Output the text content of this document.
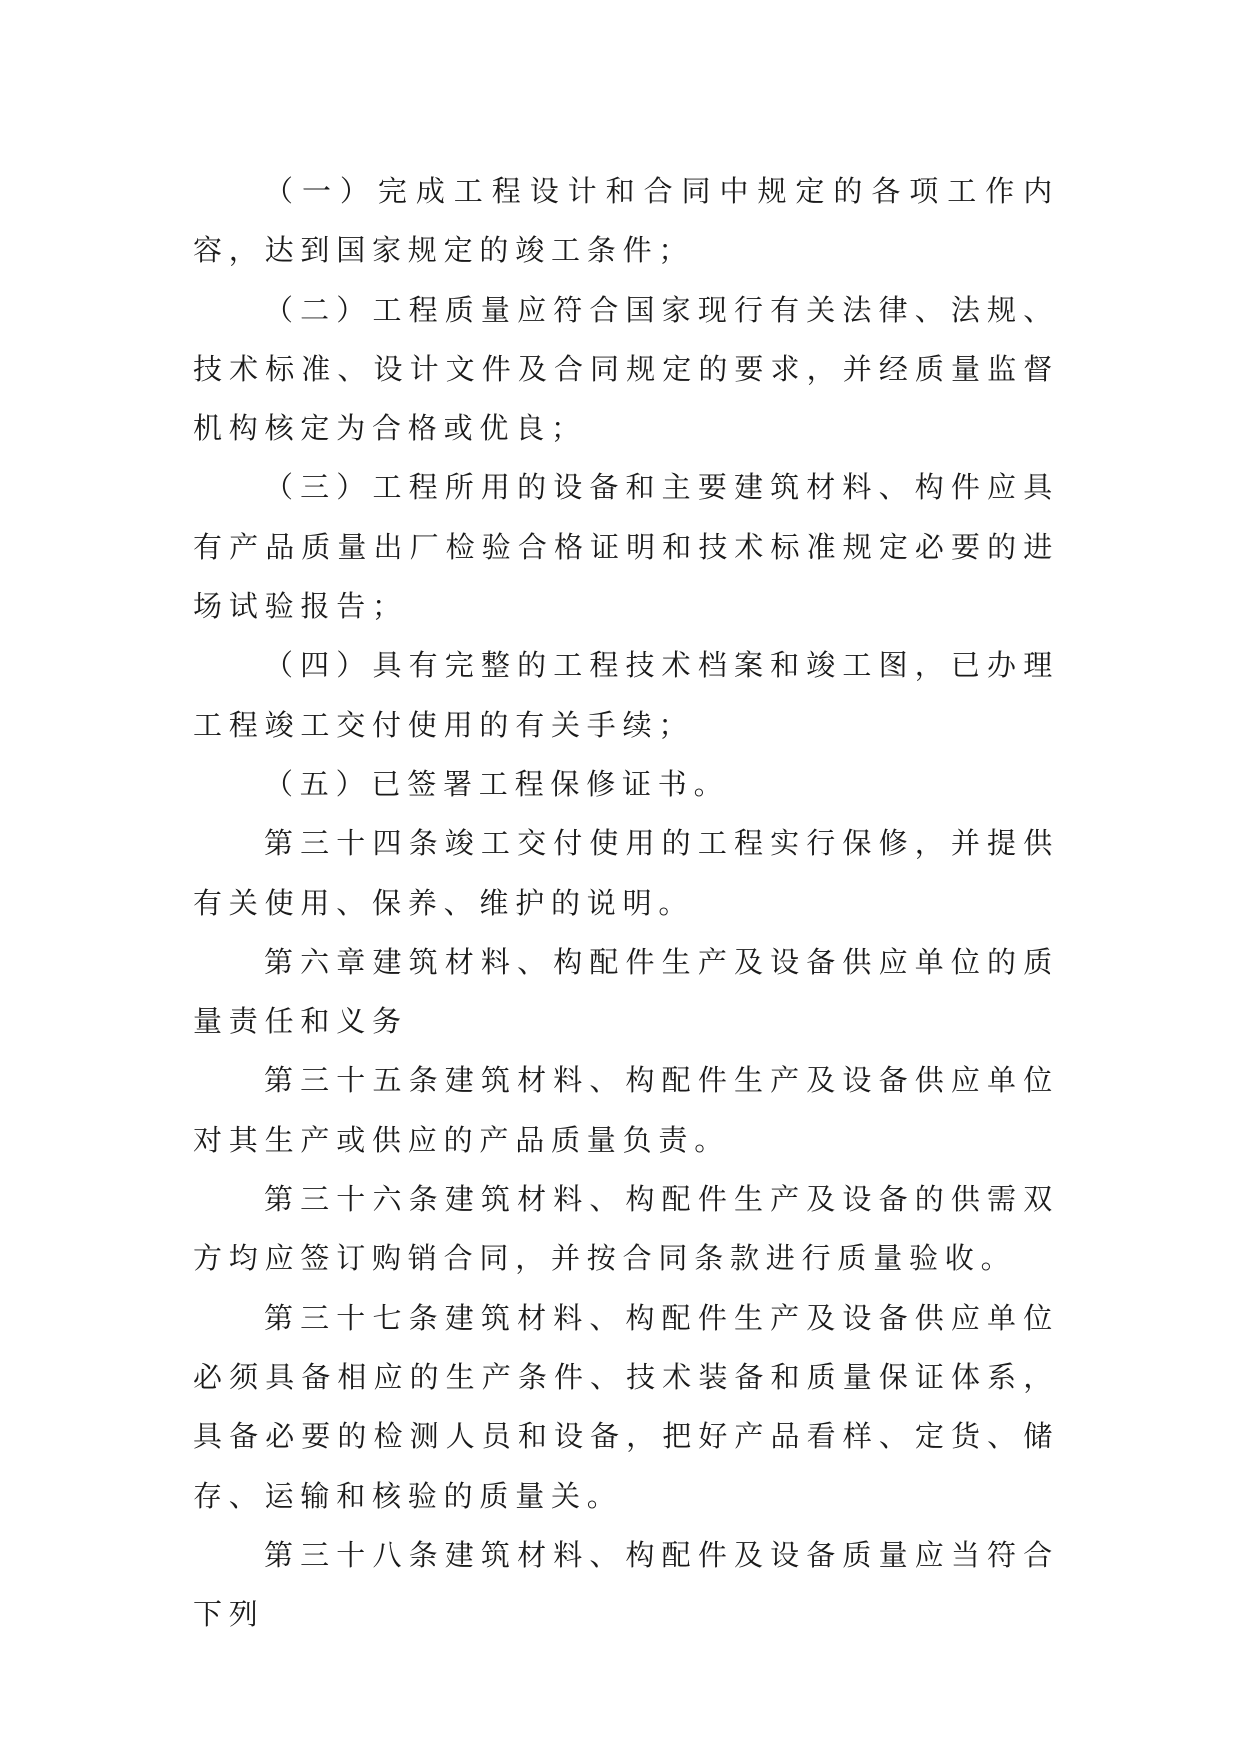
（一）完成工程设计和合同中规定的各项工作内容，达到国家规定的竣工条件；

（二）工程质量应符合国家现行有关法律、法规、技术标准、设计文件及合同规定的要求，并经质量监督机构核定为合格或优良；

（三）工程所用的设备和主要建筑材料、构件应具有产品质量出厂检验合格证明和技术标准规定必要的进场试验报告；

（四）具有完整的工程技术档案和竣工图，已办理工程竣工交付使用的有关手续；

（五）已签署工程保修证书。

第三十四条竣工交付使用的工程实行保修，并提供有关使用、保养、维护的说明。

第六章建筑材料、构配件生产及设备供应单位的质量责任和义务

第三十五条建筑材料、构配件生产及设备供应单位对其生产或供应的产品质量负责。

第三十六条建筑材料、构配件生产及设备的供需双方均应签订购销合同，并按合同条款进行质量验收。

第三十七条建筑材料、构配件生产及设备供应单位必须具备相应的生产条件、技术装备和质量保证体系，具备必要的检测人员和设备，把好产品看样、定货、储存、运输和核验的质量关。

第三十八条建筑材料、构配件及设备质量应当符合下列
